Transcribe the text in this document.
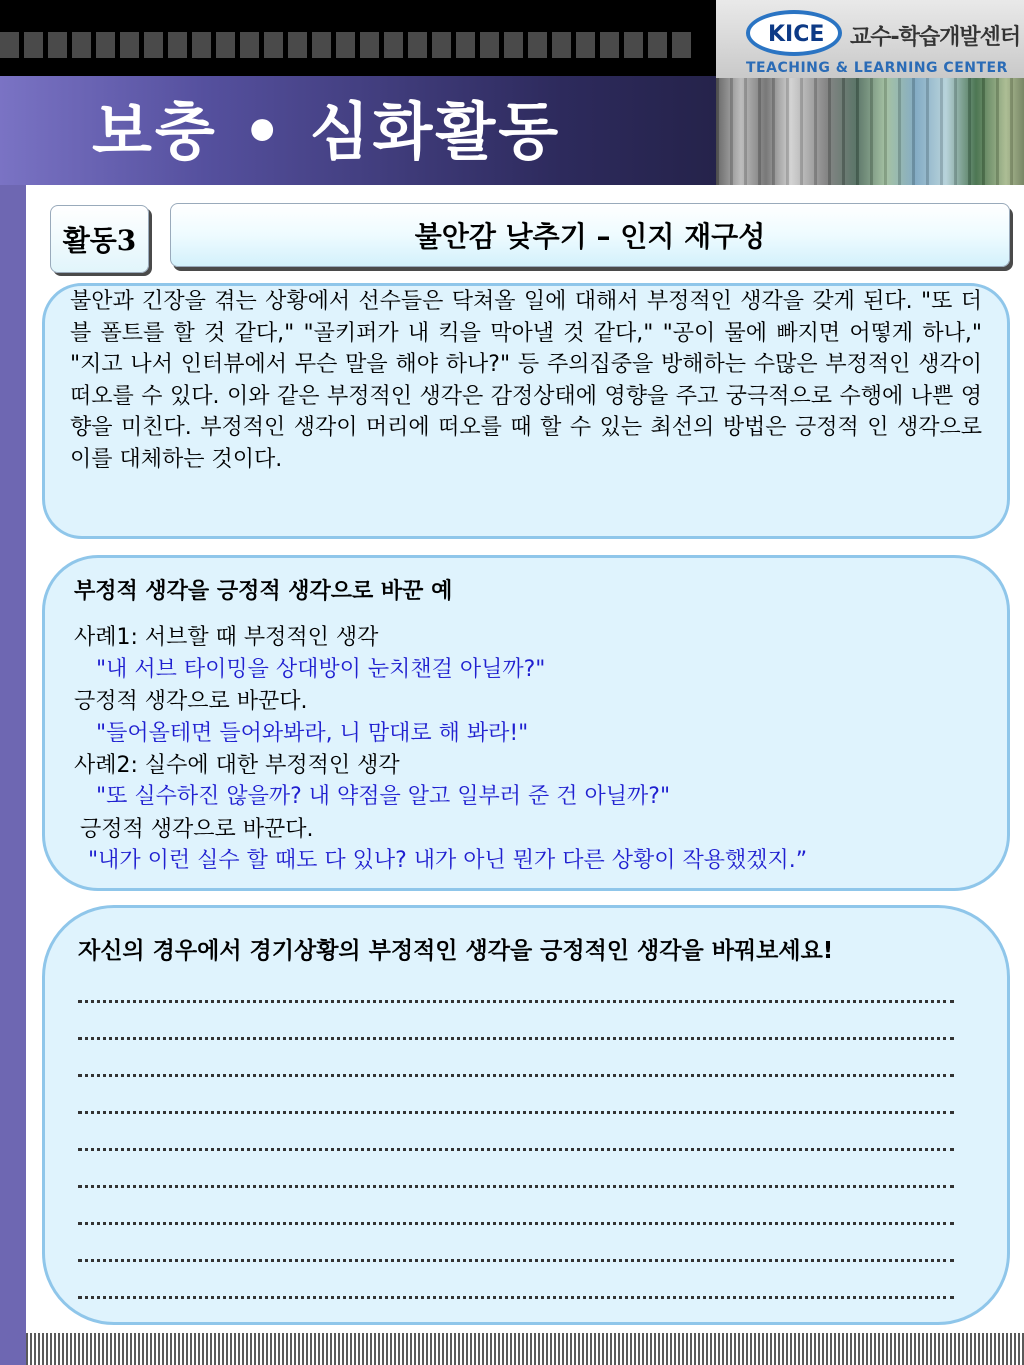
보충 • 심화활동
KICE 교수-학습개발센터
TEACHING & LEARNING CENTER
활동3	불안감 낮추기 – 인지 재구성

불안과 긴장을 겪는 상황에서 선수들은 닥쳐올 일에 대해서 부정적인 생각을 갖게 된다. "또 더블 폴트를 할 것 같다," "골키퍼가 내 킥을 막아낼 것 같다," "공이 물에 빠지면 어떻게 하나," "지고 나서 인터뷰에서 무슨 말을 해야 하나?" 등 주의집중을 방해하는 수많은 부정적인 생각이 떠오를 수 있다. 이와 같은 부정적인 생각은 감정상태에 영향을 주고 궁극적으로 수행에 나쁜 영향을 미친다. 부정적인 생각이 머리에 떠오를 때 할 수 있는 최선의 방법은 긍정적 인 생각으로 이를 대체하는 것이다.

부정적 생각을 긍정적 생각으로 바꾼 예

사례1: 서브할 때 부정적인 생각

"내 서브 타이밍을 상대방이 눈치챈걸 아닐까?"

긍정적 생각으로 바꾼다.

"들어올테면 들어와봐라, 니 맘대로 해 봐라!"

사례2: 실수에 대한 부정적인 생각

"또 실수하진 않을까? 내 약점을 알고 일부러 준 건 아닐까?"

긍정적 생각으로 바꾼다.

"내가 이런 실수 할 때도 다 있나? 내가 아닌 뭔가 다른 상황이 작용했겠지.”

자신의 경우에서 경기상황의 부정적인 생각을 긍정적인 생각을 바꿔보세요!
